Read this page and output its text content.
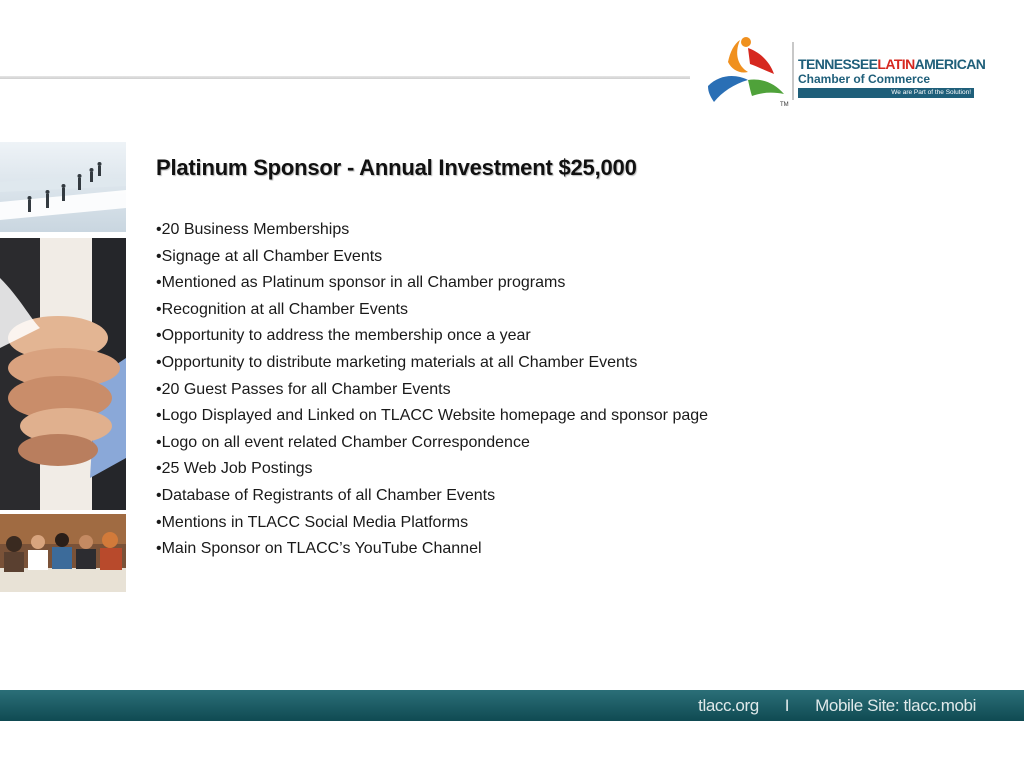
TM
TENNESSEELATINAMERICAN
Chamber of Commerce
We are Part of the Solution!
Platinum Sponsor - Annual Investment $25,000
•20 Business Memberships
•Signage at all Chamber Events
•Mentioned as Platinum sponsor in all Chamber programs
•Recognition at all Chamber Events
•Opportunity to address the membership once a year
•Opportunity to distribute marketing materials at all Chamber Events
•20 Guest Passes for all Chamber Events
•Logo Displayed and Linked on TLACC Website homepage and sponsor page
•Logo on all event related Chamber Correspondence
•25 Web Job Postings
•Database of Registrants of all Chamber Events
•Mentions in TLACC Social Media Platforms
•Main Sponsor on TLACC’s YouTube Channel
tlacc.org I Mobile Site: tlacc.mobi
